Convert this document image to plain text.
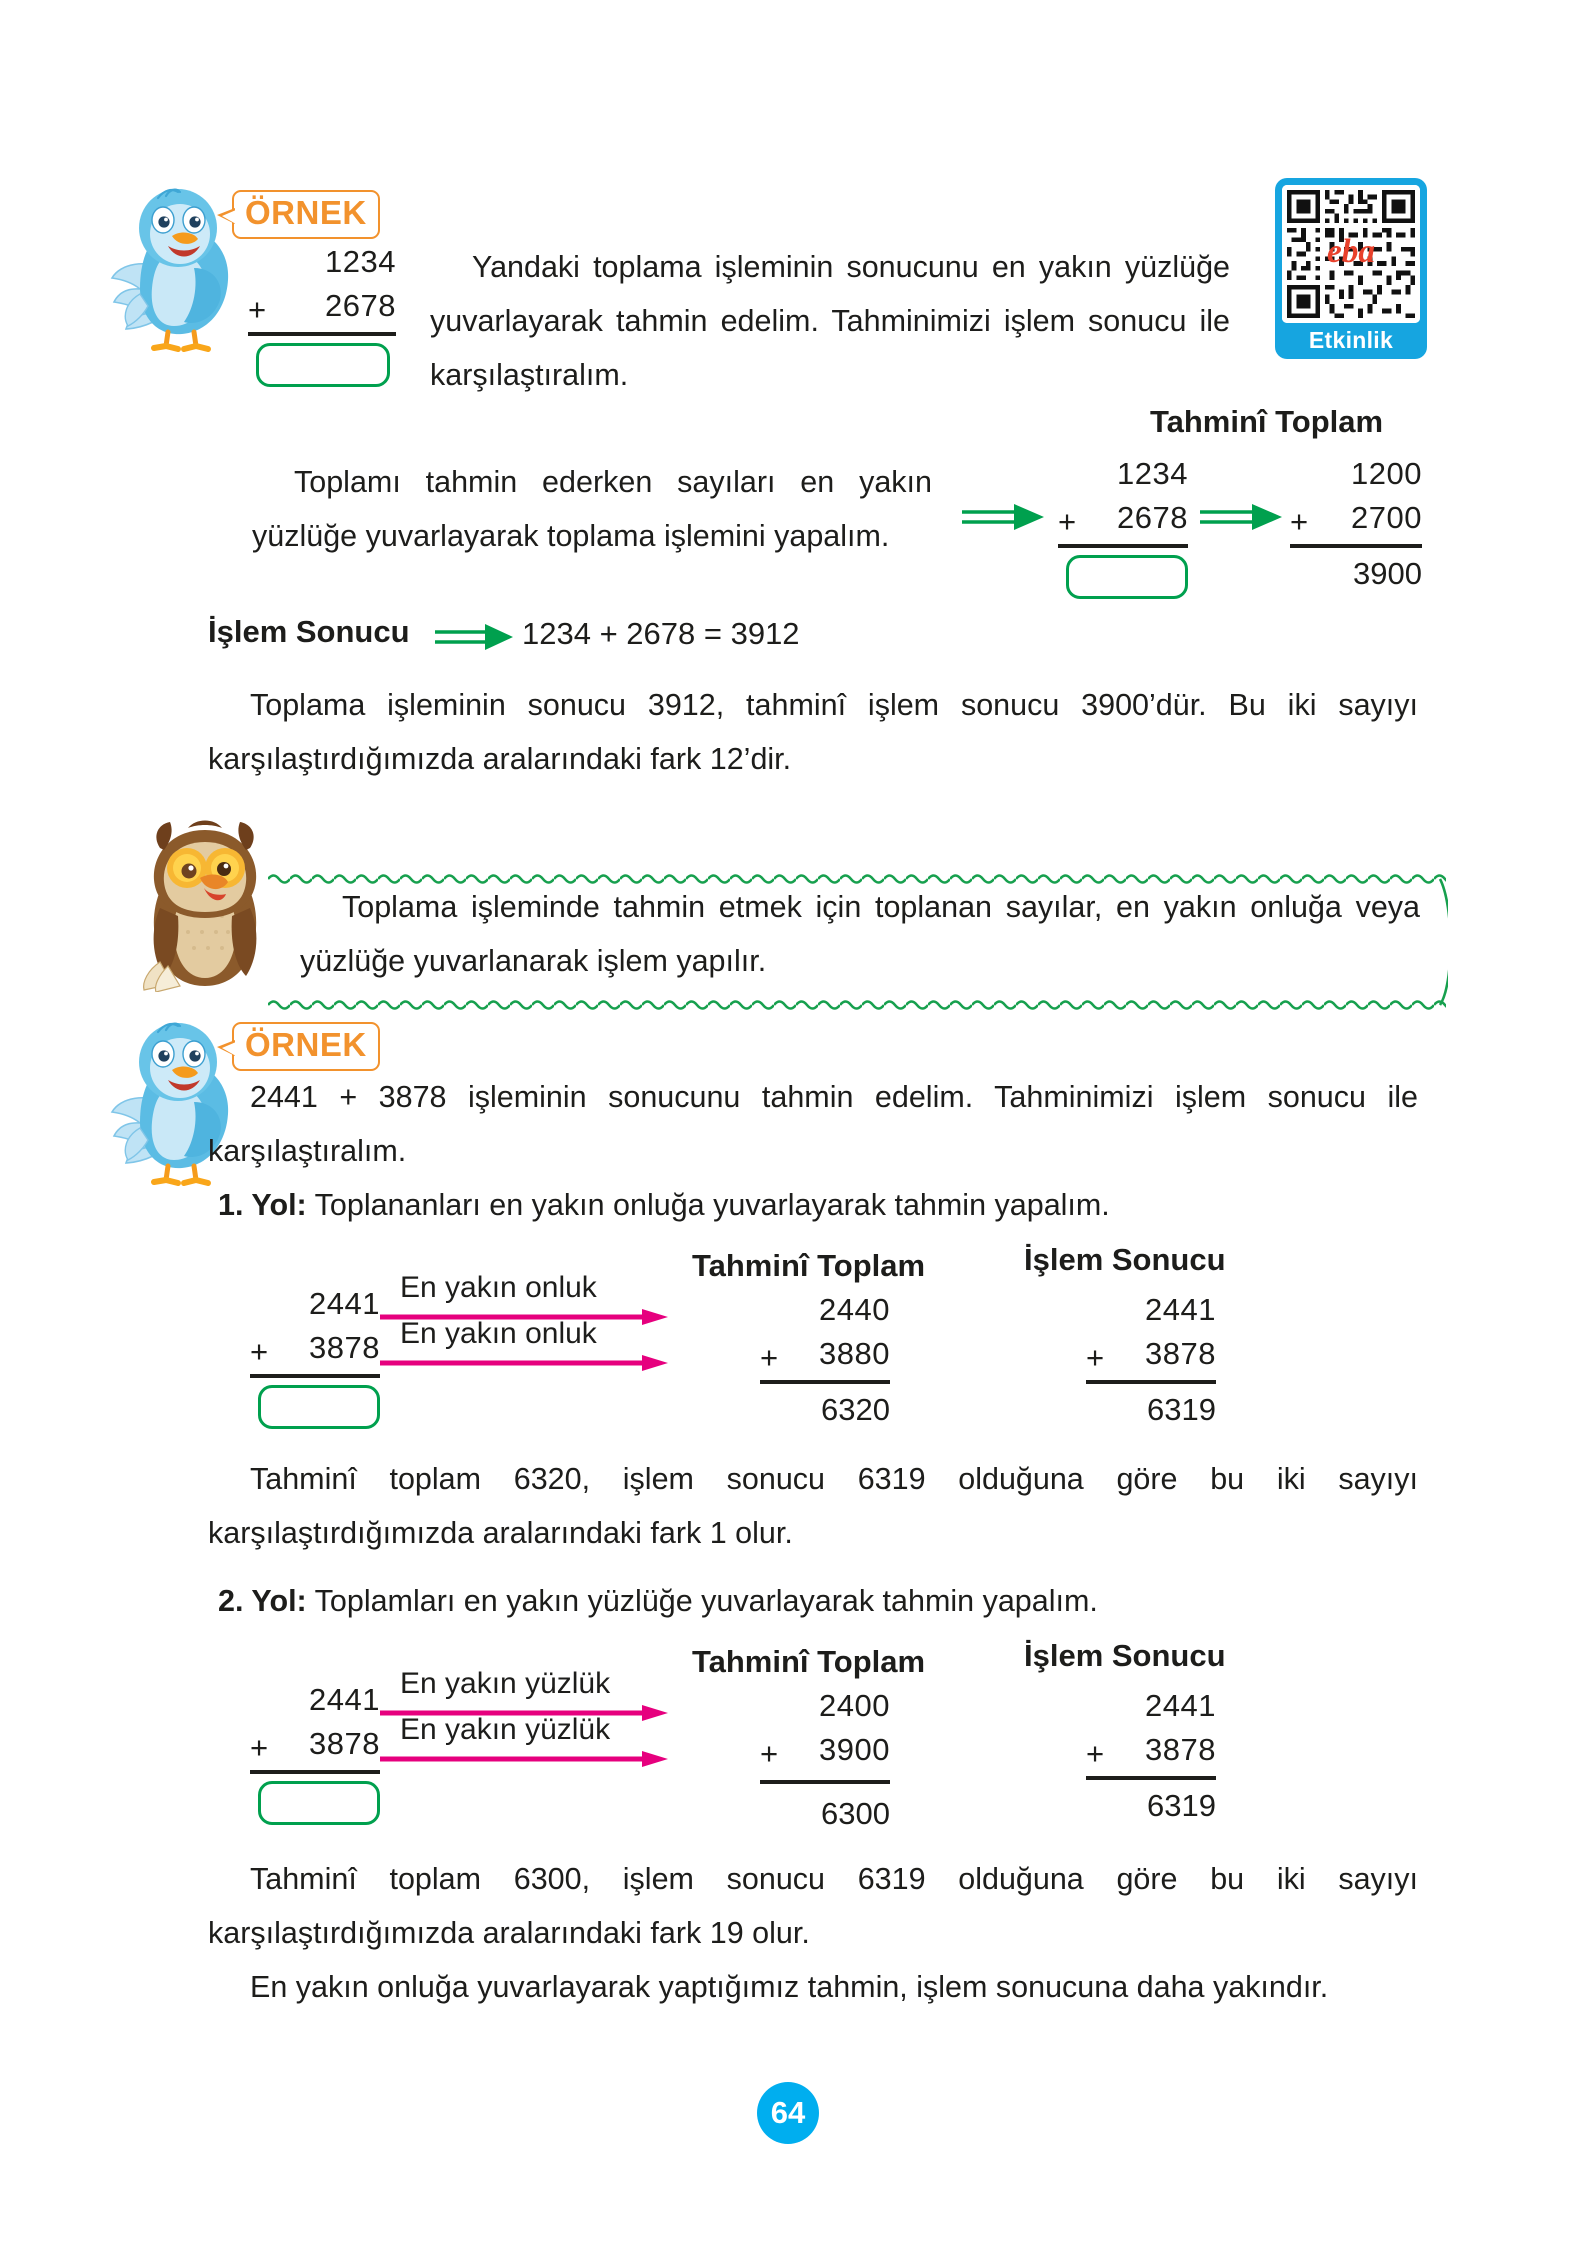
eba
Etkinlik
ÖRNEK
1234
+ 2678
Yandaki toplama işleminin sonucunu en yakın yüzlüğe yuvarlayarak tahmin edelim. Tahminimizi işlem sonucu ile karşılaştıralım.
Toplamı tahmin ederken sayıları en yakın yüzlüğe yuvarlayarak toplama işlemini yapalım.
Tahminî Toplam
1234
+ 2678
1200
+ 2700
3900
İşlem Sonucu	1234 + 2678 = 3912
Toplama işleminin sonucu 3912, tahminî işlem sonucu 3900’dür. Bu iki sayıyı karşılaştırdığımızda aralarındaki fark 12’dir.
Toplama işleminde tahmin etmek için toplanan sayılar, en yakın onluğa veya yüzlüğe yuvarlanarak işlem yapılır.
ÖRNEK
2441 + 3878 işleminin sonucunu tahmin edelim. Tahminimizi işlem sonucu ile karşılaştıralım.
1. Yol: Toplananları en yakın onluğa yuvarlayarak tahmin yapalım.
2441
+ 3878
En yakın onluk
En yakın onluk
Tahminî Toplam
2440
+ 3880
6320
İşlem Sonucu
2441
+ 3878
6319
Tahminî toplam 6320, işlem sonucu 6319 olduğuna göre bu iki sayıyı karşılaştırdığımızda aralarındaki fark 1 olur.
2. Yol: Toplamları en yakın yüzlüğe yuvarlayarak tahmin yapalım.
2441
+ 3878
En yakın yüzlük
En yakın yüzlük
Tahminî Toplam
2400
+ 3900
6300
İşlem Sonucu
2441
+ 3878
6319
Tahminî toplam 6300, işlem sonucu 6319 olduğuna göre bu iki sayıyı karşılaştırdığımızda aralarındaki fark 19 olur.
En yakın onluğa yuvarlayarak yaptığımız tahmin, işlem sonucuna daha yakındır.
64
